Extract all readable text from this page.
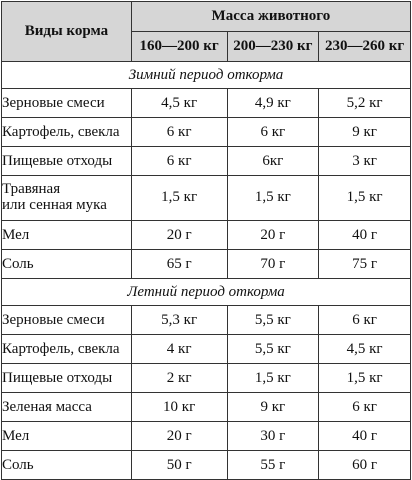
Виды корма	Масса животного		
	160—200 кг	200—230 кг	230—260 кг
Зимний период откорма			

Зерновые смеси	4,5 кг	4,9 кг	5,2 кг

Картофель, свекла	6 кг	6 кг	9 кг

Пищевые отходы	6 кг	6кг	3 кг

Травяная
или сенная мука	1,5 кг	1,5 кг	1,5 кг

Мел	20 г	20 г	40 г

Соль	65 г	70 г	75 г
Летний период откорма			

Зерновые смеси	5,3 кг	5,5 кг	6 кг

Картофель, свекла	4 кг	5,5 кг	4,5 кг

Пищевые отходы	2 кг	1,5 кг	1,5 кг

Зеленая масса	10 кг	9 кг	6 кг

Мел	20 г	30 г	40 г

Соль	50 г	55 г	60 г
